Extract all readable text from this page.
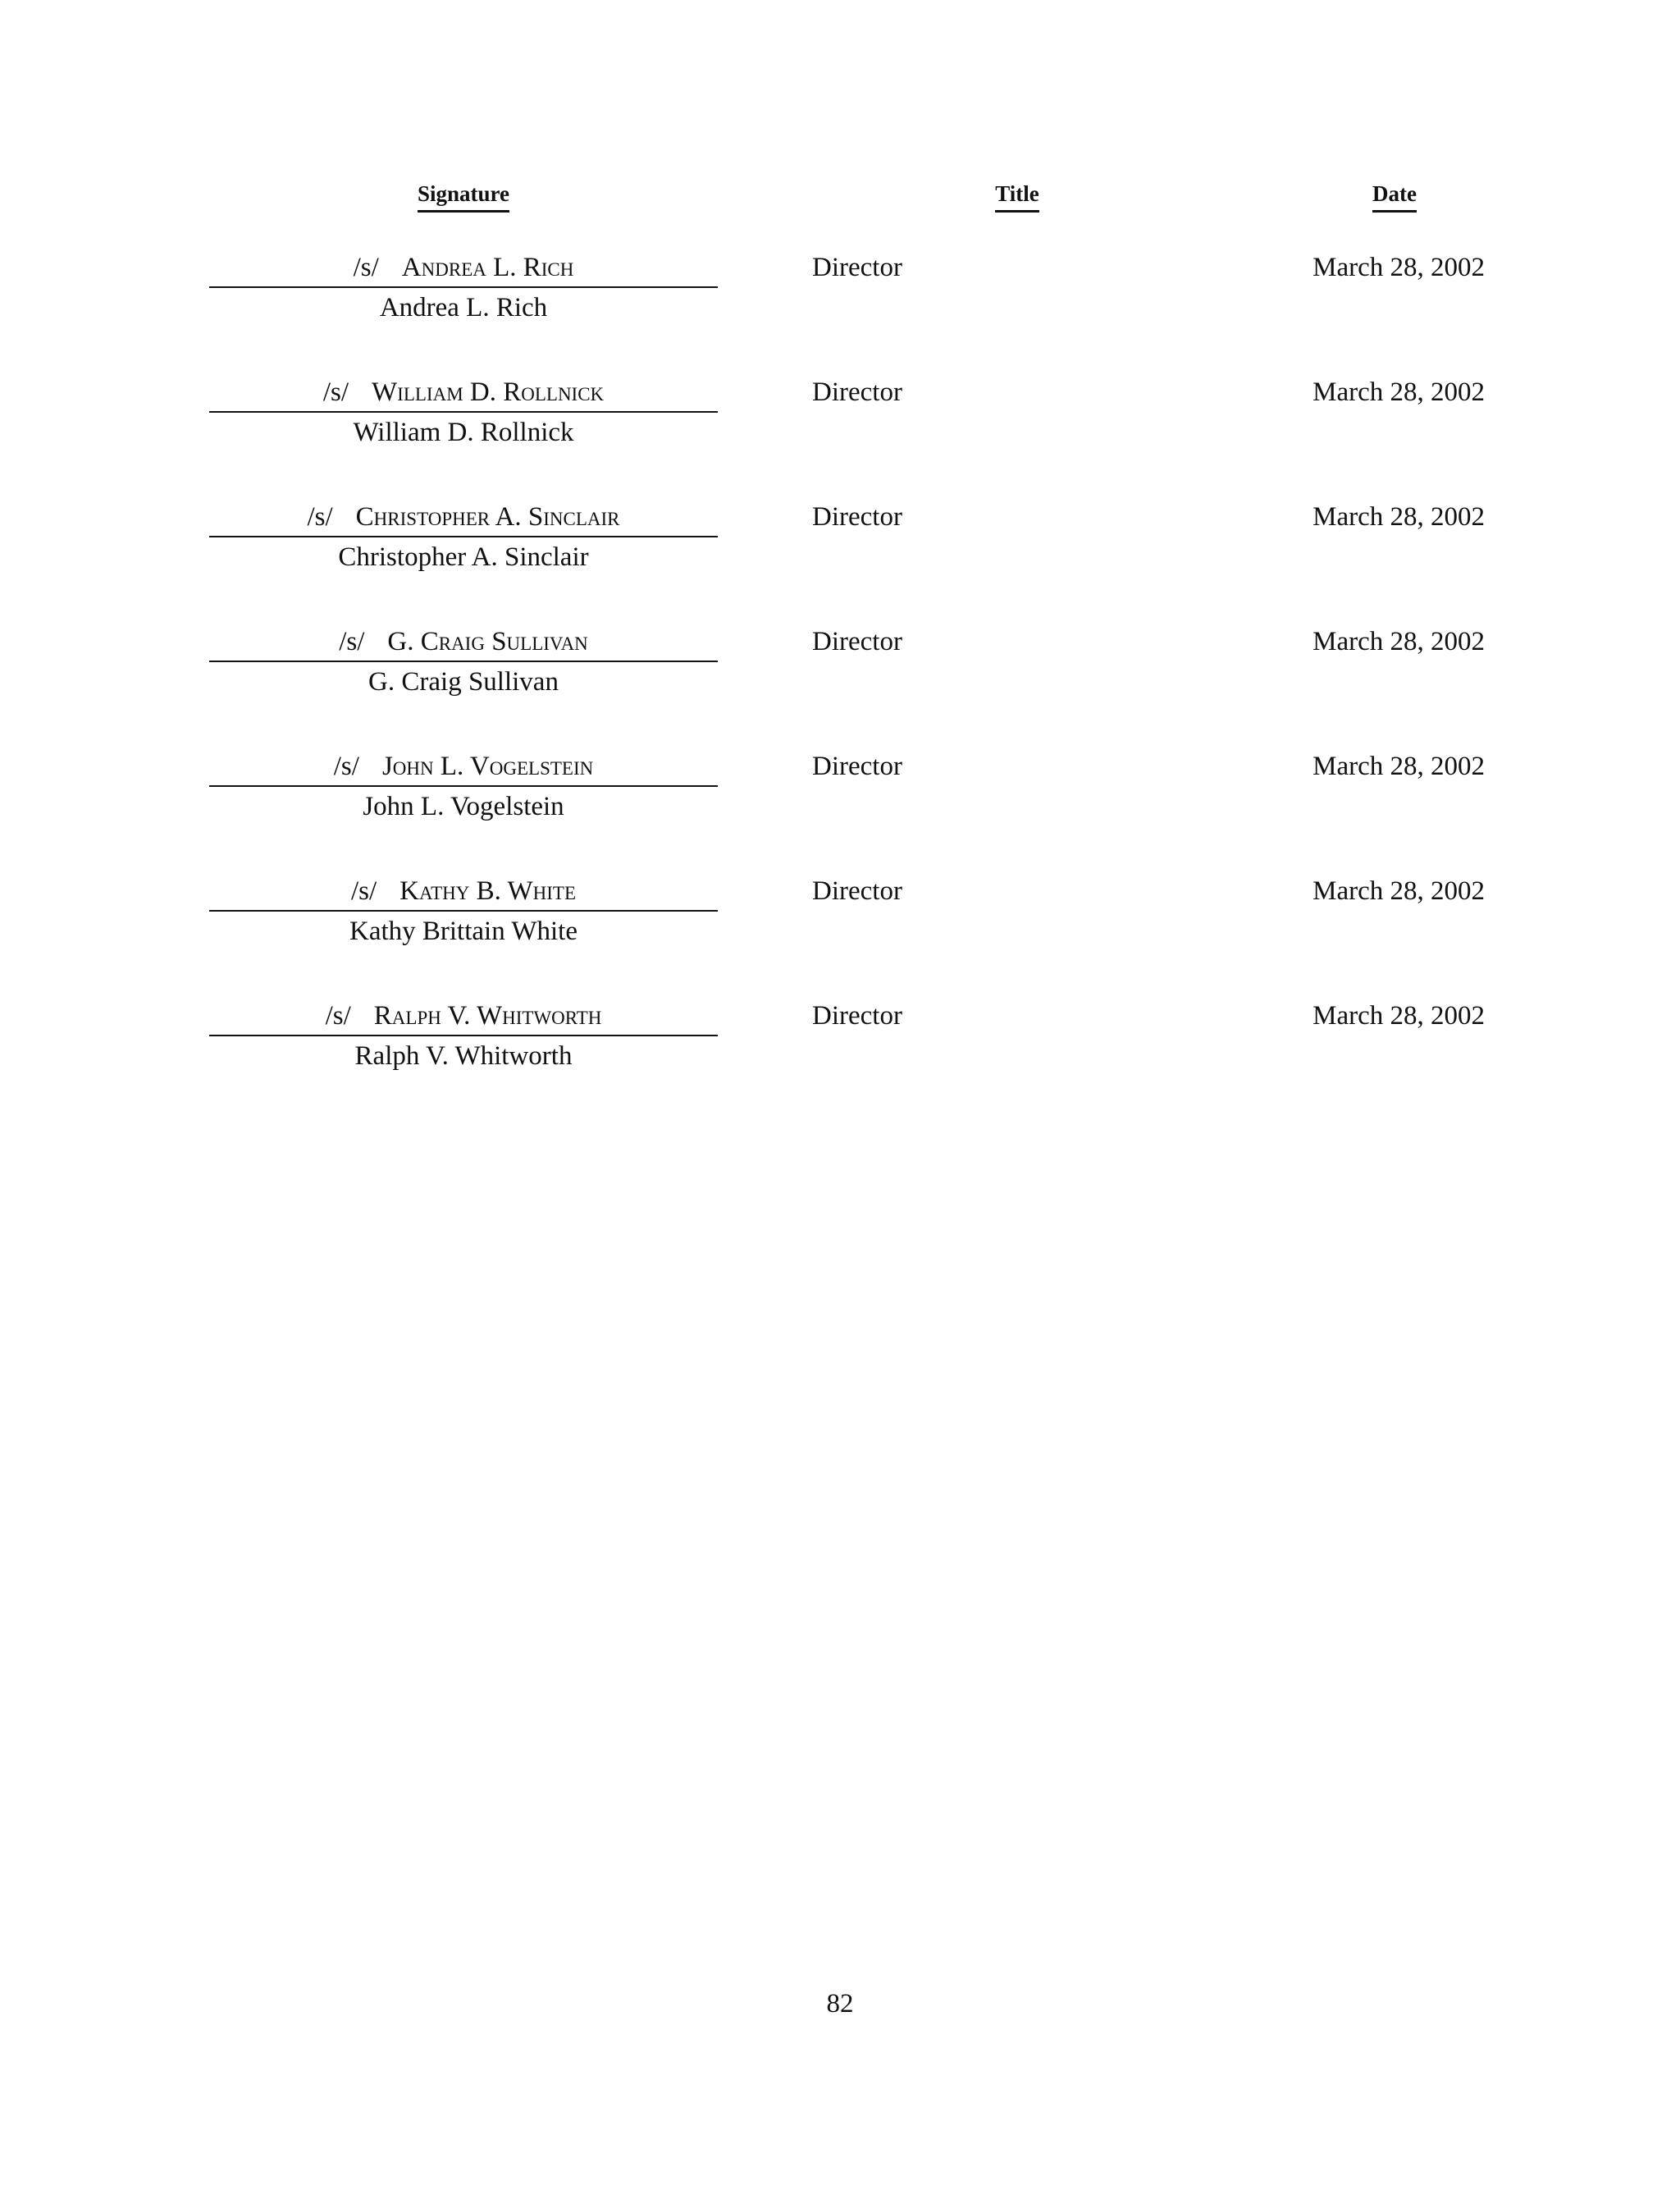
Signature	Title	Date
/s/ Andrea L. Rich
Andrea L. Rich
Director	March 28, 2002
/s/ William D. Rollnick
William D. Rollnick
Director	March 28, 2002
/s/ Christopher A. Sinclair
Christopher A. Sinclair
Director	March 28, 2002
/s/ G. Craig Sullivan
G. Craig Sullivan
Director	March 28, 2002
/s/ John L. Vogelstein
John L. Vogelstein
Director	March 28, 2002
/s/ Kathy B. White
Kathy Brittain White
Director	March 28, 2002
/s/ Ralph V. Whitworth
Ralph V. Whitworth
Director	March 28, 2002
82
